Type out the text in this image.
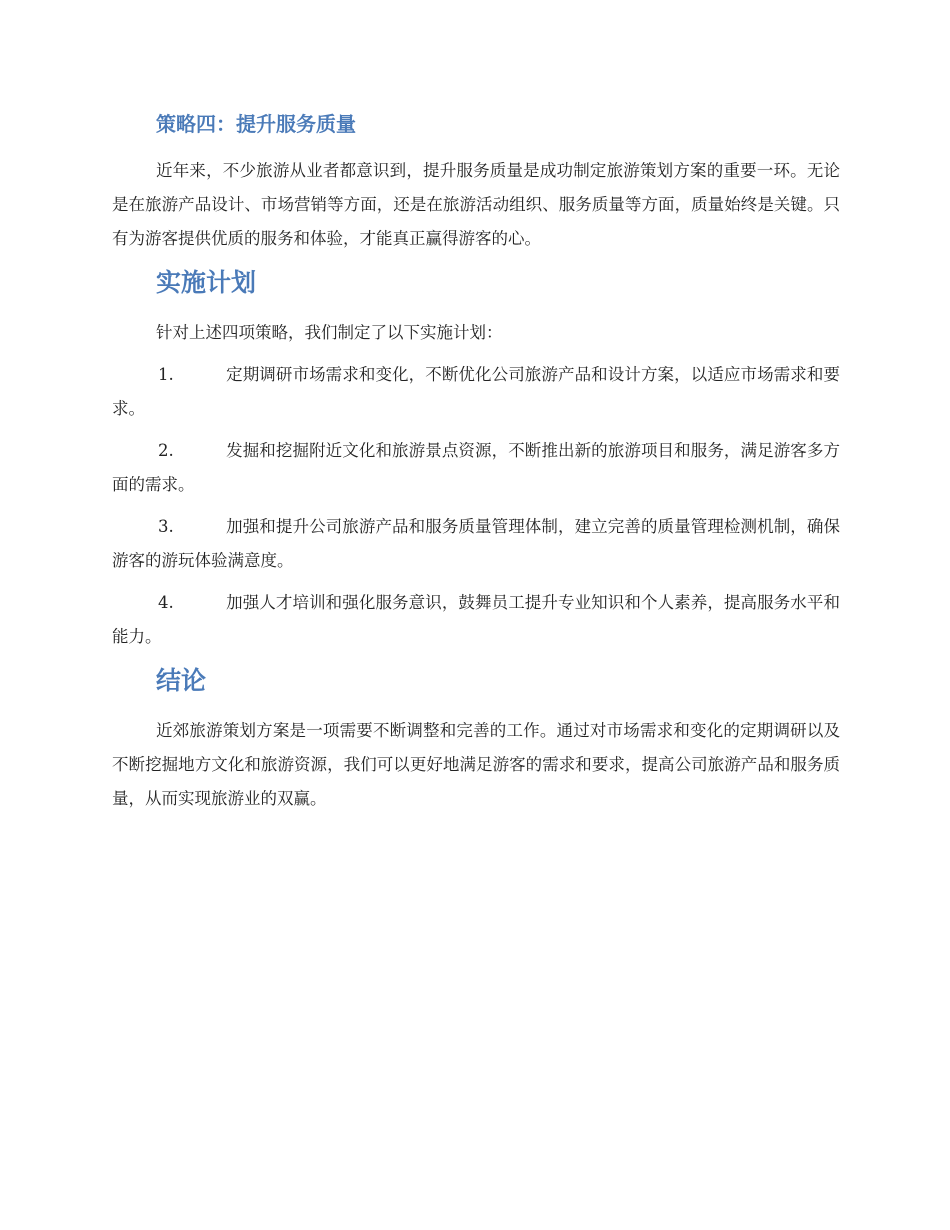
策略四：提升服务质量

近年来，不少旅游从业者都意识到，提升服务质量是成功制定旅游策划方案的重要一环。无论是在旅游产品设计、市场营销等方面，还是在旅游活动组织、服务质量等方面，质量始终是关键。只有为游客提供优质的服务和体验，才能真正赢得游客的心。

实施计划

针对上述四项策略，我们制定了以下实施计划：

1.	定期调研市场需求和变化，不断优化公司旅游产品和设计方案，以适应市场需求和要求。
2.	发掘和挖掘附近文化和旅游景点资源，不断推出新的旅游项目和服务，满足游客多方面的需求。
3.	加强和提升公司旅游产品和服务质量管理体制，建立完善的质量管理检测机制，确保游客的游玩体验满意度。
4.	加强人才培训和强化服务意识，鼓舞员工提升专业知识和个人素养，提高服务水平和能力。
结论

近郊旅游策划方案是一项需要不断调整和完善的工作。通过对市场需求和变化的定期调研以及不断挖掘地方文化和旅游资源，我们可以更好地满足游客的需求和要求，提高公司旅游产品和服务质量，从而实现旅游业的双赢。
